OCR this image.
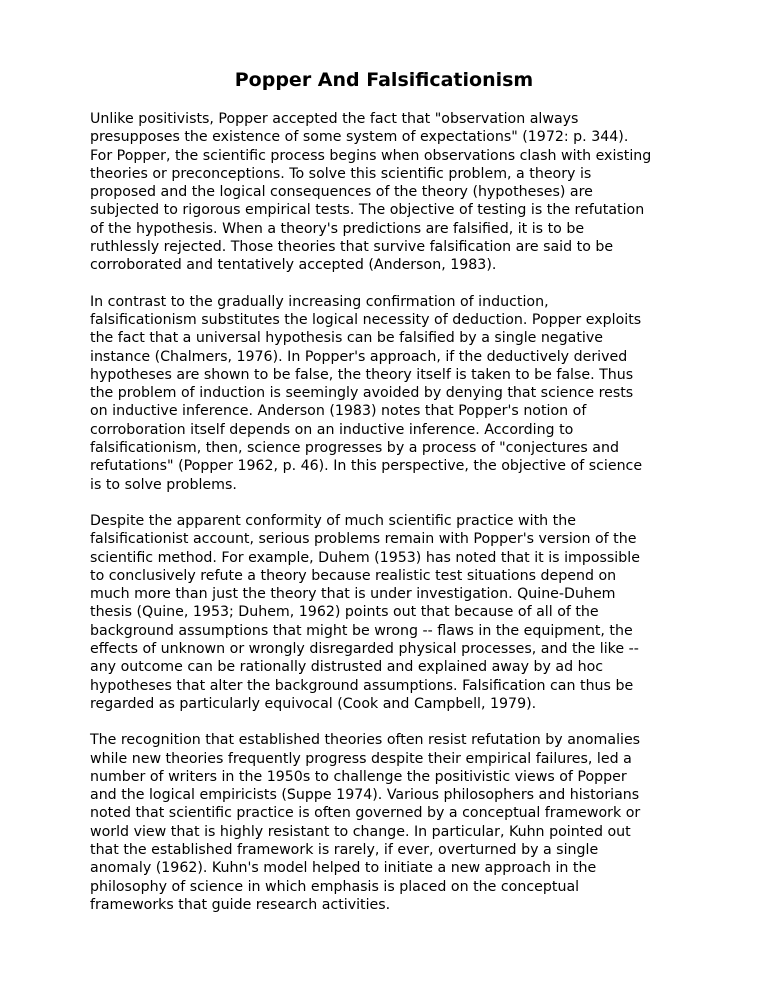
Popper And Falsificationism

Unlike positivists, Popper accepted the fact that "observation always
presupposes the existence of some system of expectations" (1972: p. 344).
For Popper, the scientific process begins when observations clash with existing
theories or preconceptions. To solve this scientific problem, a theory is
proposed and the logical consequences of the theory (hypotheses) are
subjected to rigorous empirical tests. The objective of testing is the refutation
of the hypothesis. When a theory's predictions are falsified, it is to be
ruthlessly rejected. Those theories that survive falsification are said to be
corroborated and tentatively accepted (Anderson, 1983).

In contrast to the gradually increasing confirmation of induction,
falsificationism substitutes the logical necessity of deduction. Popper exploits
the fact that a universal hypothesis can be falsified by a single negative
instance (Chalmers, 1976). In Popper's approach, if the deductively derived
hypotheses are shown to be false, the theory itself is taken to be false. Thus
the problem of induction is seemingly avoided by denying that science rests
on inductive inference. Anderson (1983) notes that Popper's notion of
corroboration itself depends on an inductive inference. According to
falsificationism, then, science progresses by a process of "conjectures and
refutations" (Popper 1962, p. 46). In this perspective, the objective of science
is to solve problems.

Despite the apparent conformity of much scientific practice with the
falsificationist account, serious problems remain with Popper's version of the
scientific method. For example, Duhem (1953) has noted that it is impossible
to conclusively refute a theory because realistic test situations depend on
much more than just the theory that is under investigation. Quine-Duhem
thesis (Quine, 1953; Duhem, 1962) points out that because of all of the
background assumptions that might be wrong -- flaws in the equipment, the
effects of unknown or wrongly disregarded physical processes, and the like --
any outcome can be rationally distrusted and explained away by ad hoc
hypotheses that alter the background assumptions. Falsification can thus be
regarded as particularly equivocal (Cook and Campbell, 1979).

The recognition that established theories often resist refutation by anomalies
while new theories frequently progress despite their empirical failures, led a
number of writers in the 1950s to challenge the positivistic views of Popper
and the logical empiricists (Suppe 1974). Various philosophers and historians
noted that scientific practice is often governed by a conceptual framework or
world view that is highly resistant to change. In particular, Kuhn pointed out
that the established framework is rarely, if ever, overturned by a single
anomaly (1962). Kuhn's model helped to initiate a new approach in the
philosophy of science in which emphasis is placed on the conceptual
frameworks that guide research activities.
